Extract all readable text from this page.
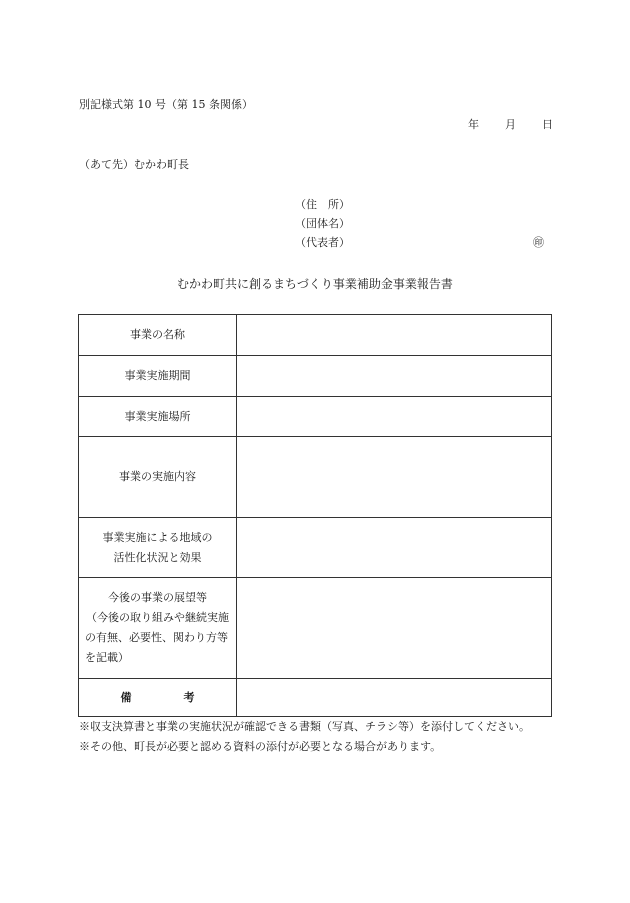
別記様式第 10 号（第 15 条関係）
年	月	日
（あて先）むかわ町長
（住　所）
（団体名）
（代表者）	㊞
むかわ町共に創るまちづくり事業補助金事業報告書
事業の名称	

事業実施期間	

事業実施場所	

事業の実施内容	

事業実施による地域の
活性化状況と効果	

今後の事業の展望等
（今後の取り組みや継続実施
の有無、必要性、関わり方等
を記載）	

備 考	
※収支決算書と事業の実施状況が確認できる書類（写真、チラシ等）を添付してください。
※その他、町長が必要と認める資料の添付が必要となる場合があります。
